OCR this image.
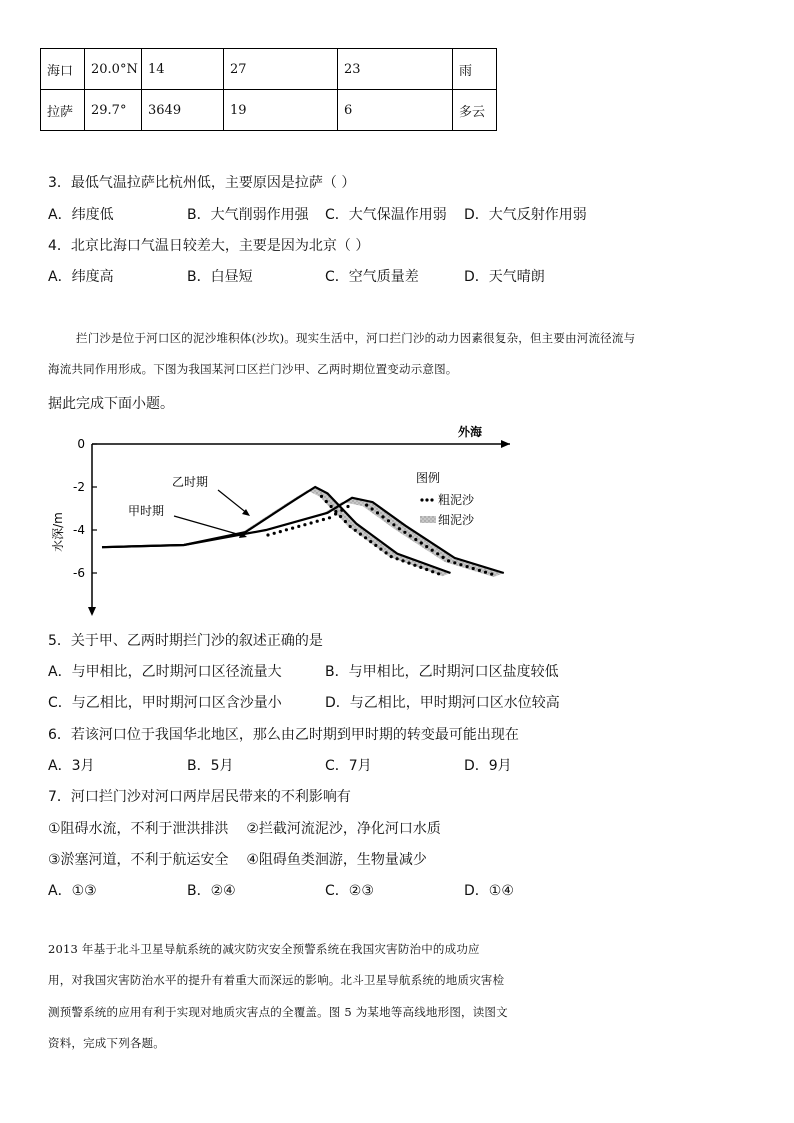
海口	20.0°N	14	27	23	雨
拉萨	29.7°	3649	19	6	多云
3．最低气温拉萨比杭州低，主要原因是拉萨（ ）
A．纬度低	B．大气削弱作用强 C．大气保温作用弱 D．大气反射作用弱
4．北京比海口气温日较差大，主要是因为北京（ ）
A．纬度高	B．白昼短	C．空气质量差	D．天气晴朗
拦门沙是位于河口区的泥沙堆积体(沙坎)。现实生活中，河口拦门沙的动力因素很复杂，但主要由河流径流与
海流共同作用形成。下图为我国某河口区拦门沙甲、乙两时期位置变动示意图。
据此完成下面小题。
0
-2
-4
-6
水深/m
外海
乙时期
甲时期
图例
粗泥沙
细泥沙
5．关于甲、乙两时期拦门沙的叙述正确的是
A．与甲相比，乙时期河口区径流量大	B．与甲相比，乙时期河口区盐度较低
C．与乙相比，甲时期河口区含沙量小	D．与乙相比，甲时期河口区水位较高
6．若该河口位于我国华北地区，那么由乙时期到甲时期的转变最可能出现在
A．3月	B．5月	C．7月	D．9月
7．河口拦门沙对河口两岸居民带来的不利影响有
①阻碍水流，不利于泄洪排洪    ②拦截河流泥沙，净化河口水质
③淤塞河道，不利于航运安全    ④阻碍鱼类洄游，生物量减少
A．①③	B．②④	C．②③	D．①④
2013 年基于北斗卫星导航系统的减灾防灾安全预警系统在我国灾害防治中的成功应
用，对我国灾害防治水平的提升有着重大而深远的影响。北斗卫星导航系统的地质灾害检
测预警系统的应用有利于实现对地质灾害点的全覆盖。图 5 为某地等高线地形图，读图文
资料，完成下列各题。
